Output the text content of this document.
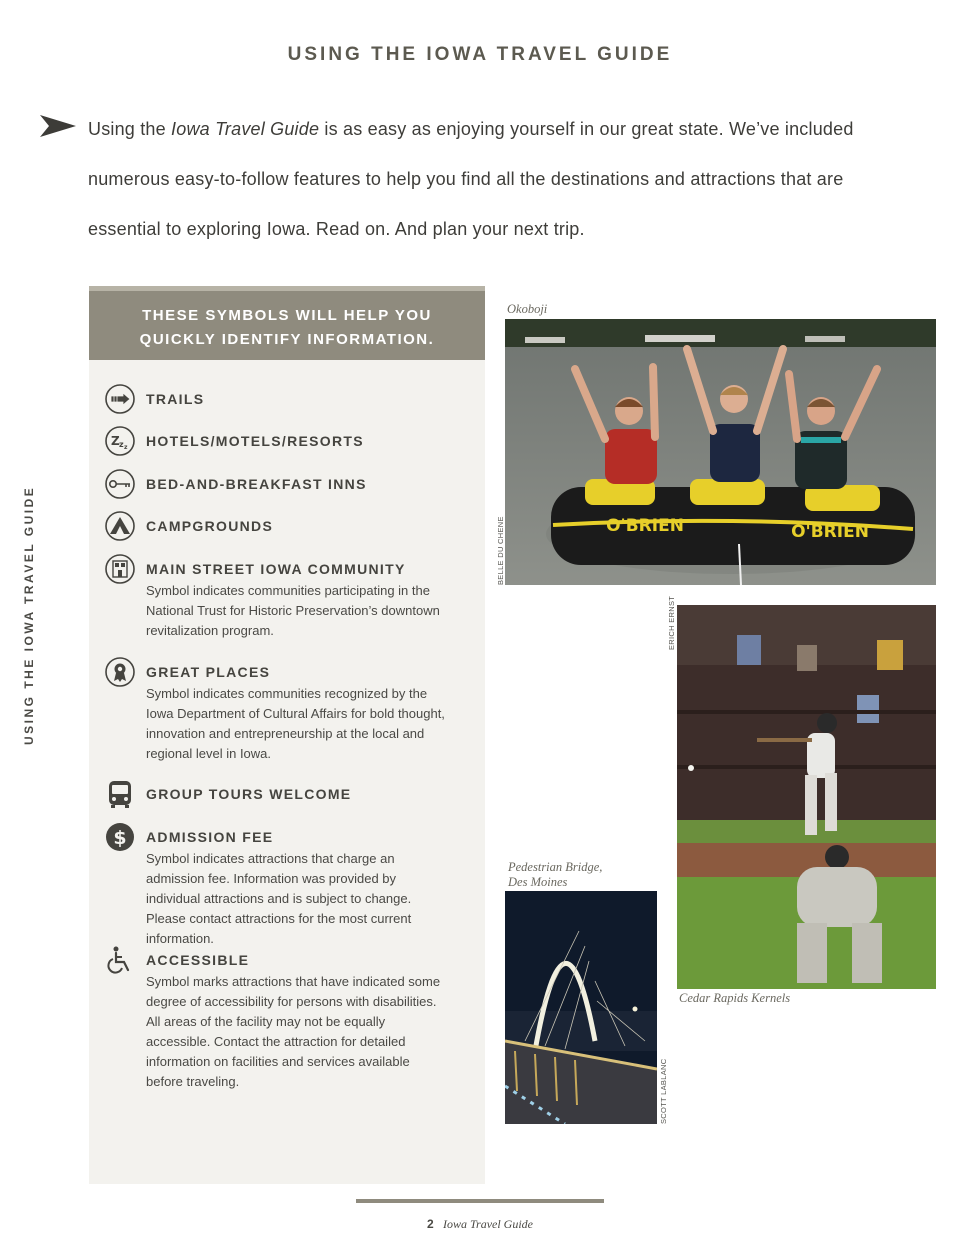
USING THE IOWA TRAVEL GUIDE
USING THE IOWA TRAVEL GUIDE
Using the Iowa Travel Guide is as easy as enjoying yourself in our great state. We’ve included numerous easy-to-follow features to help you find all the destinations and attractions that are essential to exploring Iowa. Read on. And plan your next trip.
THESE SYMBOLS WILL HELP YOU
QUICKLY IDENTIFY INFORMATION.
TRAILS
Z z z HOTELS/MOTELS/RESORTS
BED-AND-BREAKFAST INNS
CAMPGROUNDS
MAIN STREET IOWA COMMUNITY
Symbol indicates communities participating in the National Trust for Historic Preservation’s downtown revitalization program.
GREAT PLACES
Symbol indicates communities recognized by the Iowa Department of Cultural Affairs for bold thought, innovation and entrepreneurship at the local and regional level in Iowa.
GROUP TOURS WELCOME
$ ADMISSION FEE
Symbol indicates attractions that charge an admission fee. Information was provided by individual attractions and is subject to change. Please contact attractions for the most current information.
ACCESSIBLE
Symbol marks attractions that have indicated some degree of accessibility for persons with disabilities. All areas of the facility may not be equally accessible. Contact the attraction for detailed information on facilities and services available before traveling.
Okoboji
O'BRIEN	O'BRIEN
BELLE DU CHENE
ERICH ERNST
Cedar Rapids Kernels
Pedestrian Bridge,
Des Moines
SCOTT LABLANC
2 Iowa Travel Guide
